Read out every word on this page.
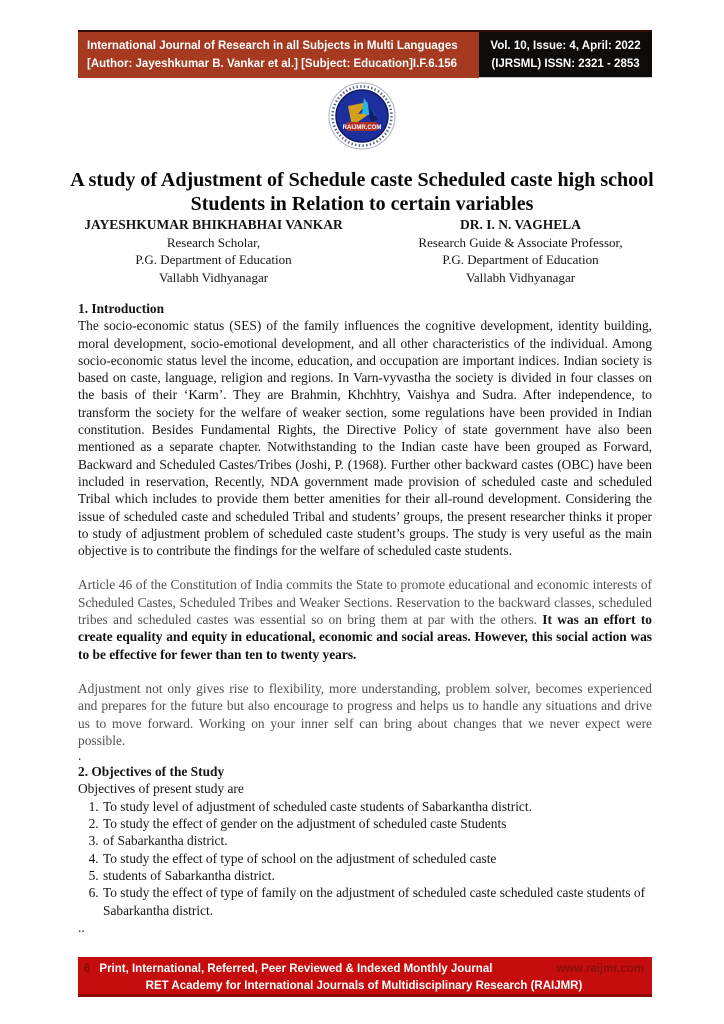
International Journal of Research in all Subjects in Multi Languages
[Author: Jayeshkumar B. Vankar et al.] [Subject: Education]I.F.6.156
Vol. 10, Issue: 4, April: 2022
(IJRSML) ISSN: 2321 - 2853
RAIJMR.COM
A study of Adjustment of Schedule caste Scheduled caste high school Students in Relation to certain variables
JAYESHKUMAR BHIKHABHAI VANKAR
Research Scholar,
P.G. Department of Education
Vallabh Vidhyanagar
DR. I. N. VAGHELA
Research Guide & Associate Professor,
P.G. Department of Education
Vallabh Vidhyanagar
1. Introduction

The socio-economic status (SES) of the family influences the cognitive development, identity building, moral development, socio-emotional development, and all other characteristics of the individual. Among socio-economic status level the income, education, and occupation are important indices. Indian society is based on caste, language, religion and regions. In Varn-vyvastha the society is divided in four classes on the basis of their ‘Karm’. They are Brahmin, Khchhtry, Vaishya and Sudra. After independence, to transform the society for the welfare of weaker section, some regulations have been provided in Indian constitution. Besides Fundamental Rights, the Directive Policy of state government have also been mentioned as a separate chapter. Notwithstanding to the Indian caste have been grouped as Forward, Backward and Scheduled Castes/Tribes (Joshi, P. (1968). Further other backward castes (OBC) have been included in reservation, Recently, NDA government made provision of scheduled caste and scheduled Tribal which includes to provide them better amenities for their all-round development. Considering the issue of scheduled caste and scheduled Tribal and students’ groups, the present researcher thinks it proper to study of adjustment problem of scheduled caste student’s groups. The study is very useful as the main objective is to contribute the findings for the welfare of scheduled caste students.

Article 46 of the Constitution of India commits the State to promote educational and economic interests of Scheduled Castes, Scheduled Tribes and Weaker Sections. Reservation to the backward classes, scheduled tribes and scheduled castes was essential so on bring them at par with the others. It was an effort to create equality and equity in educational, economic and social areas. However, this social action was to be effective for fewer than ten to twenty years.

Adjustment not only gives rise to flexibility, more understanding, problem solver, becomes experienced and prepares for the future but also encourage to progress and helps us to handle any situations and drive us to move forward. Working on your inner self can bring about changes that we never expect were possible.

.
2. Objectives of the Study
Objectives of present study are
1. To study level of adjustment of scheduled caste students of Sabarkantha district.
2. To study the effect of gender on the adjustment of scheduled caste Students
3. of Sabarkantha district.
4. To study the effect of type of school on the adjustment of scheduled caste
5. students of Sabarkantha district.
6. To study the effect of type of family on the adjustment of scheduled caste scheduled caste students of Sabarkantha district.
..
6 Print, International, Referred, Peer Reviewed & Indexed Monthly Journal	www.raijmr.com
RET Academy for International Journals of Multidisciplinary Research (RAIJMR)
